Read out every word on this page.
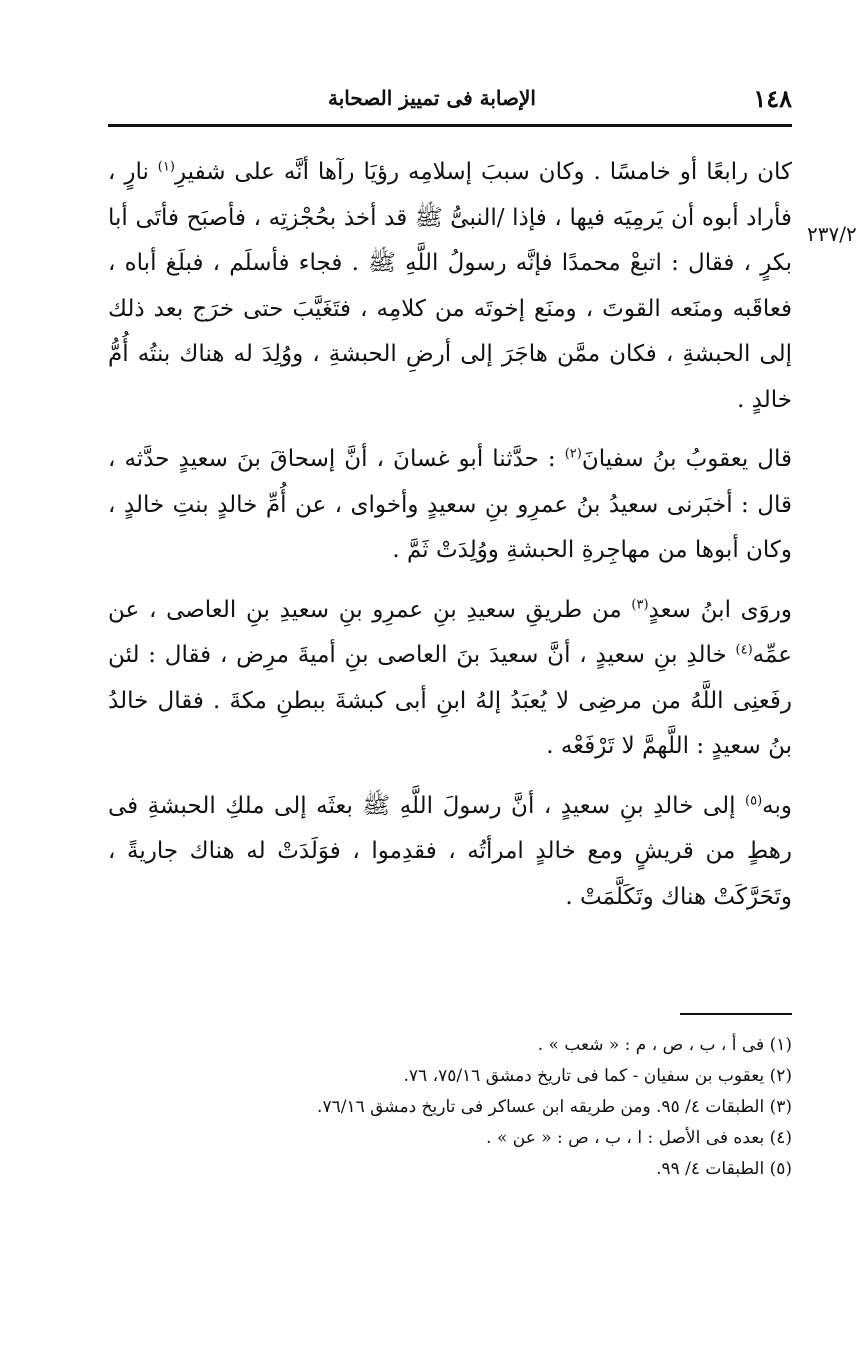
١٤٨
الإصابة فى تمييز الصحابة
٢٣٧/٢

كان رابعًا أو خامسًا . وكان سببَ إسلامِه رؤيَا رآها أنَّه على شفيرِ$^{(١)}$ نارٍ ، فأراد أبوه أن يَرمِيَه فيها ، فإذا /النبىُّ ﷺ قد أخذ بحُجْزتِه ، فأصبَح فأتَى أبا بكرٍ ، فقال : اتبعْ محمدًا فإنَّه رسولُ اللَّهِ ﷺ . فجاء فأسلَم ، فبلَغ أباه ، فعاقَبه ومنَعه القوتَ ، ومنَع إخوتَه من كلامِه ، فتَغَيَّبَ حتى خرَج بعد ذلك إلى الحبشةِ ، فكان ممَّن هاجَرَ إلى أرضِ الحبشةِ ، ووُلِدَ له هناك بنتُه أُمُّ خالدٍ .

قال يعقوبُ بنُ سفيانَ$^{(٢)}$ : حدَّثنا أبو غسانَ ، أنَّ إسحاقَ بنَ سعيدٍ حدَّثه ، قال : أخبَرنى سعيدُ بنُ عمرِو بنِ سعيدٍ وأخواى ، عن أُمِّ خالدٍ بنتِ خالدٍ ، وكان أبوها من مهاجِرةِ الحبشةِ ووُلِدَتْ ثَمَّ .

وروَى ابنُ سعدٍ$^{(٣)}$ من طريقِ سعيدِ بنِ عمرِو بنِ سعيدِ بنِ العاصى ، عن عمِّه$^{(٤)}$ خالدِ بنِ سعيدٍ ، أنَّ سعيدَ بنَ العاصى بنِ أميةَ مرِض ، فقال : لئن رفَعنِى اللَّهُ من مرضِى لا يُعبَدُ إلهُ ابنِ أبى كبشةَ ببطنِ مكةَ . فقال خالدُ بنُ سعيدٍ : اللَّهمَّ لا تَرْفَعْه .

وبه$^{(٥)}$ إلى خالدِ بنِ سعيدٍ ، أنَّ رسولَ اللَّهِ ﷺ بعثَه إلى ملكِ الحبشةِ فى رهطٍ من قريشٍ ومع خالدٍ امرأتُه ، فقدِموا ، فوَلَدَتْ له هناك جاريةً ، وتَحَرَّكَتْ هناك وتَكَلَّمَتْ .

(١) فى أ ، ب ، ص ، م : « شعب » .
(٢) يعقوب بن سفيان - كما فى تاريخ دمشق ٧٥/١٦، ٧٦.
(٣) الطبقات ٤/ ٩٥. ومن طريقه ابن عساكر فى تاريخ دمشق ٧٦/١٦.
(٤) بعده فى الأصل : ا ، ب ، ص : « عن » .
(٥) الطبقات ٤/ ٩٩.
